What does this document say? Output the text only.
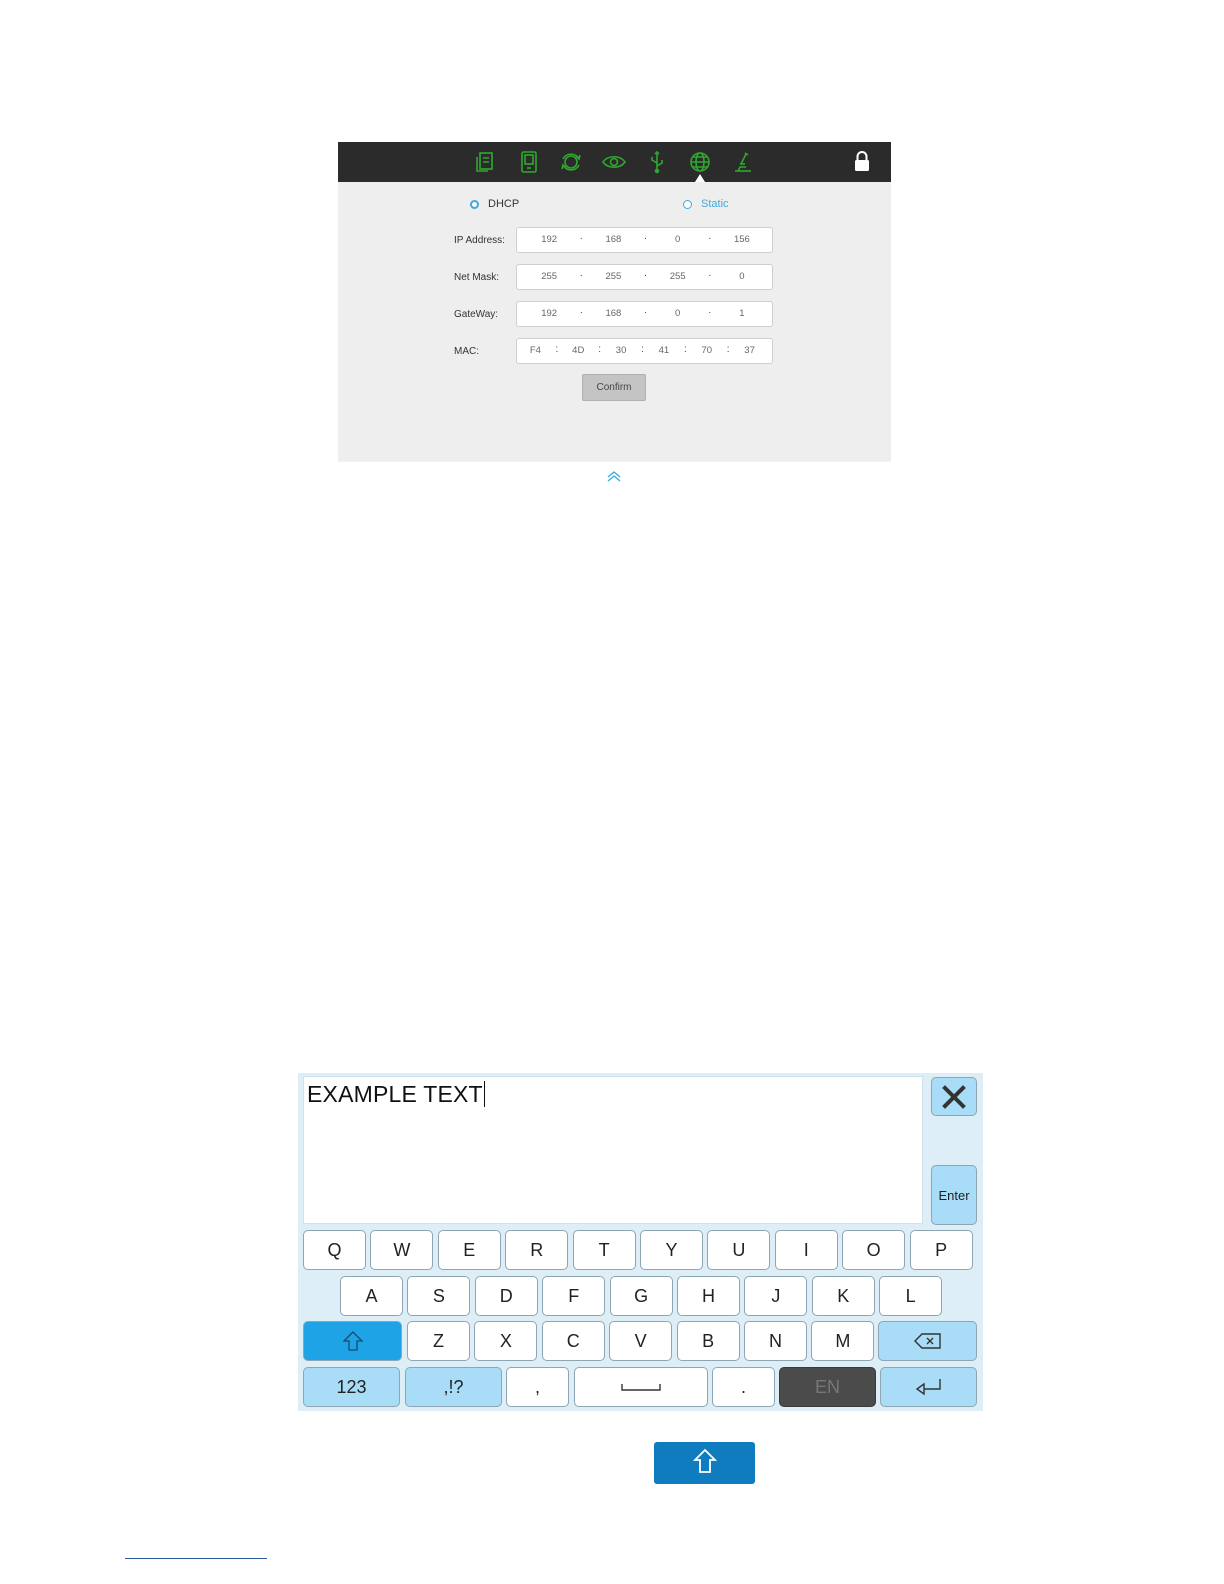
DHCP	Static
IP Address:	192	·	168	·	0	·	156
Net Mask:	255	·	255	·	255	·	0
GateWay:	192	·	168	·	0	·	1
MAC:	F4	:	4D	:	30	:	41	:	70	:	37
Confirm
EXAMPLE TEXT
Enter
Q	W	E	R	T	Y	U	I	O	P
A	S	D	F	G	H	J	K	L
Z	X	C	V	B	N	M
123	,!?	,	.	EN
